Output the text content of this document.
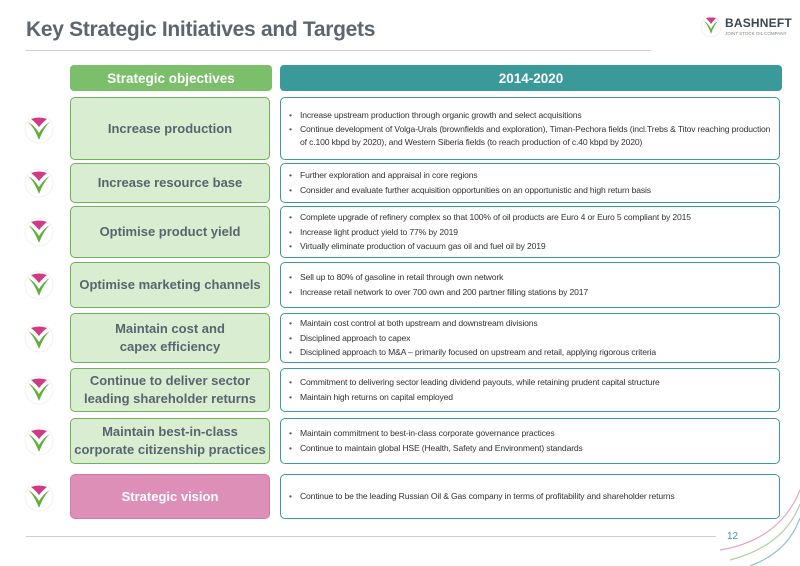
Key Strategic Initiatives and Targets	BASHNEFT
JOINT STOCK OIL COMPANY
Strategic objectives	2014-2020
Increase production
• Increase upstream production through organic growth and select acquisitions
• Continue development of Volga-Urals (brownfields and exploration), Timan-Pechora fields (incl.Trebs & Titov reaching production of c.100 kbpd by 2020), and Western Siberia fields (to reach production of c.40 kbpd by 2020)
Increase resource base	• Further exploration and appraisal in core regions
• Consider and evaluate further acquisition opportunities on an opportunistic and high return basis
Optimise product yield
• Complete upgrade of refinery complex so that 100% of oil products are Euro 4 or Euro 5 compliant by 2015
• Increase light product yield to 77% by 2019
• Virtually eliminate production of vacuum gas oil and fuel oil by 2019
Optimise marketing channels	• Sell up to 80% of gasoline in retail through own network
• Increase retail network to over 700 own and 200 partner filling stations by 2017
Maintain cost and capex efficiency
• Maintain cost control at both upstream and downstream divisions
• Disciplined approach to capex
• Disciplined approach to M&A – primarily focused on upstream and retail, applying rigorous criteria
Continue to deliver sector leading shareholder returns
• Commitment to delivering sector leading dividend payouts, while retaining prudent capital structure
• Maintain high returns on capital employed
Maintain best-in-class corporate citizenship practices
• Maintain commitment to best-in-class corporate governance practices
• Continue to maintain global HSE (Health, Safety and Environment) standards
Strategic vision	• Continue to be the leading Russian Oil & Gas company in terms of profitability and shareholder returns
12
